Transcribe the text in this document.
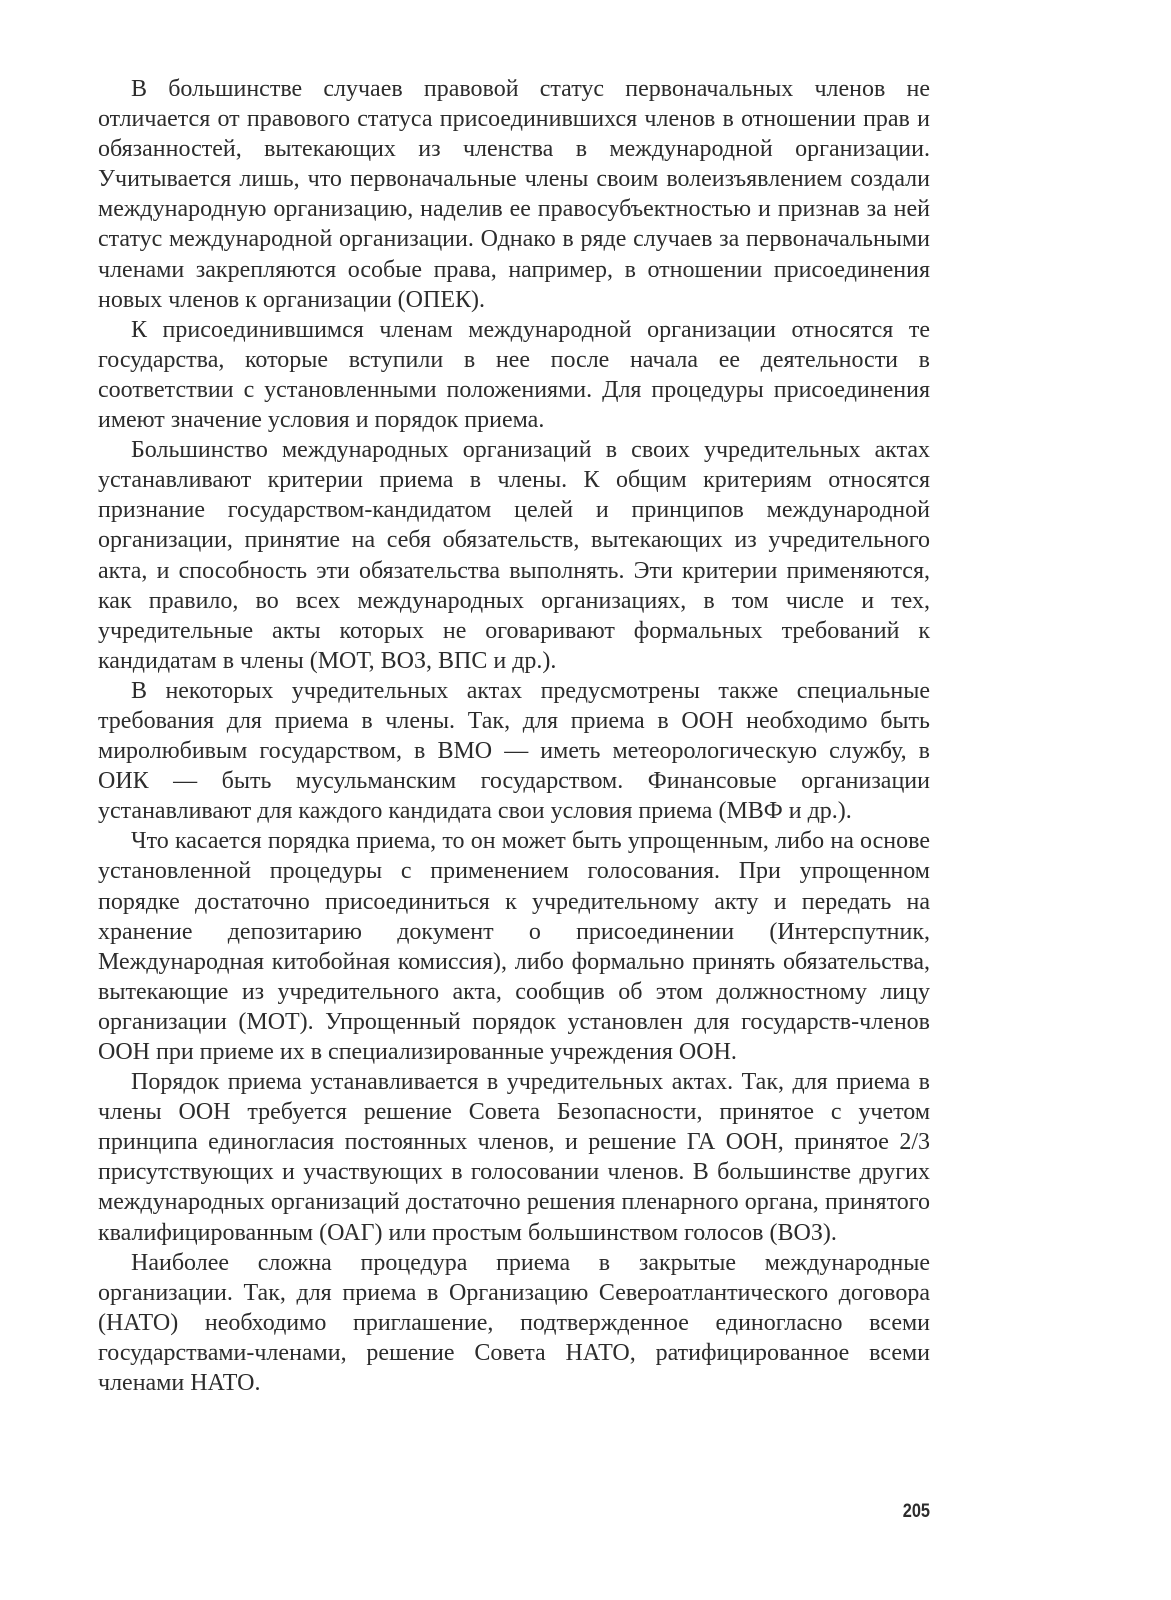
В большинстве случаев правовой статус первоначальных членов не отличается от правового статуса присоединившихся членов в отношении прав и обязанностей, вытекающих из членства в международной организации. Учитывается лишь, что первоначальные члены своим волеизъявлением создали международную организацию, наделив ее правосубъектностью и признав за ней статус международной организации. Однако в ряде случаев за первоначальными членами закрепляются особые права, например, в отношении присоединения новых членов к организации (ОПЕК).

К присоединившимся членам международной организации относятся те государства, которые вступили в нее после начала ее деятельности в соответствии с установленными положениями. Для процедуры присоединения имеют значение условия и порядок приема.

Большинство международных организаций в своих учредительных актах устанавливают критерии приема в члены. К общим критериям относятся признание государством-кандидатом целей и принципов международной организации, принятие на себя обязательств, вытекающих из учредительного акта, и способность эти обязательства выполнять. Эти критерии применяются, как правило, во всех международных организациях, в том числе и тех, учредительные акты которых не оговаривают формальных требований к кандидатам в члены (МОТ, ВОЗ, ВПС и др.).

В некоторых учредительных актах предусмотрены также специальные требования для приема в члены. Так, для приема в ООН необходимо быть миролюбивым государством, в ВМО — иметь метеорологическую службу, в ОИК — быть мусульманским государством. Финансовые организации устанавливают для каждого кандидата свои условия приема (МВФ и др.).

Что касается порядка приема, то он может быть упрощенным, либо на основе установленной процедуры с применением голосования. При упрощенном порядке достаточно присоединиться к учредительному акту и передать на хранение депозитарию документ о присоединении (Интерспутник, Международная китобойная комиссия), либо формально принять обязательства, вытекающие из учредительного акта, сообщив об этом должностному лицу организации (МОТ). Упрощенный порядок установлен для государств-членов ООН при приеме их в специализированные учреждения ООН.

Порядок приема устанавливается в учредительных актах. Так, для приема в члены ООН требуется решение Совета Безопасности, принятое с учетом принципа единогласия постоянных членов, и решение ГА ООН, принятое 2/3 присутствующих и участвующих в голосовании членов. В большинстве других международных организаций достаточно решения пленарного органа, принятого квалифицированным (ОАГ) или простым большинством голосов (ВОЗ).

Наиболее сложна процедура приема в закрытые международные организации. Так, для приема в Организацию Североатлантического договора (НАТО) необходимо приглашение, подтвержденное единогласно всеми государствами-членами, решение Совета НАТО, ратифицированное всеми членами НАТО.

205
